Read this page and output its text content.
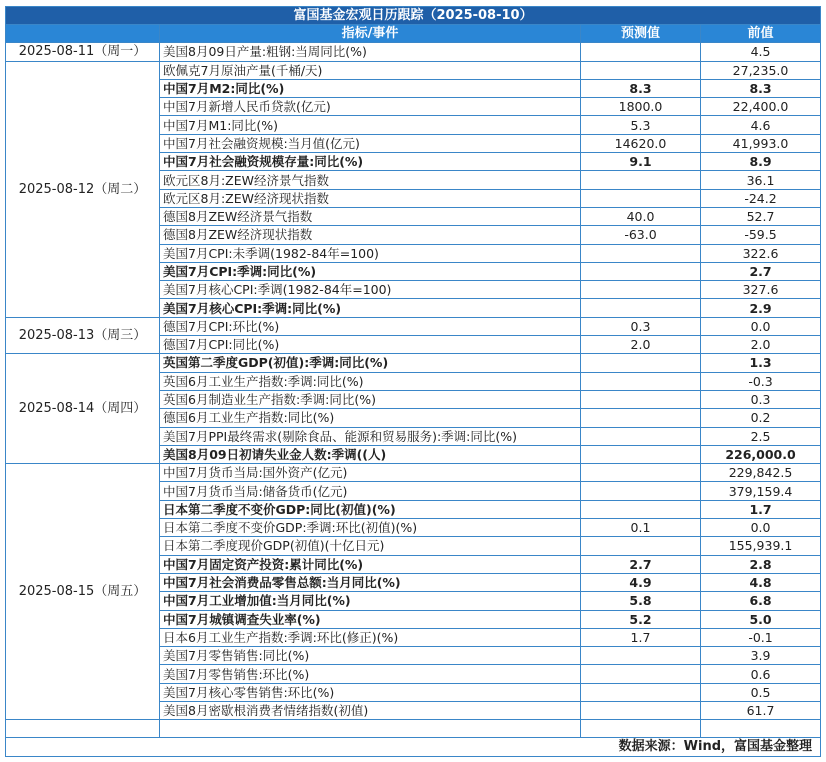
富国基金宏观日历跟踪（2025-08-10）			
	指标/事件	预测值	前值
2025-08-11（周一）	美国8月09日产量:粗钢:当周同比(%)		4.5
2025-08-12（周二）	欧佩克7月原油产量(千桶/天)		27,235.0
	中国7月M2:同比(%)	8.3	8.3
	中国7月新增人民币贷款(亿元)	1800.0	22,400.0
	中国7月M1:同比(%)	5.3	4.6
	中国7月社会融资规模:当月值(亿元)	14620.0	41,993.0
	中国7月社会融资规模存量:同比(%)	9.1	8.9
	欧元区8月:ZEW经济景气指数		36.1
	欧元区8月:ZEW经济现状指数		-24.2
	德国8月ZEW经济景气指数	40.0	52.7
	德国8月ZEW经济现状指数	-63.0	-59.5
	美国7月CPI:未季调(1982-84年=100)		322.6
	美国7月CPI:季调:同比(%)		2.7
	美国7月核心CPI:季调(1982-84年=100)		327.6
	美国7月核心CPI:季调:同比(%)		2.9
2025-08-13（周三）	德国7月CPI:环比(%)	0.3	0.0
	德国7月CPI:同比(%)	2.0	2.0
2025-08-14（周四）	英国第二季度GDP(初值):季调:同比(%)		1.3
	英国6月工业生产指数:季调:同比(%)		-0.3
	英国6月制造业生产指数:季调:同比(%)		0.3
	德国6月工业生产指数:同比(%)		0.2
	美国7月PPI最终需求(剔除食品、能源和贸易服务):季调:同比(%)		2.5
	美国8月09日初请失业金人数:季调((人)		226,000.0
2025-08-15（周五）	中国7月货币当局:国外资产(亿元)		229,842.5
	中国7月货币当局:储备货币(亿元)		379,159.4
	日本第二季度不变价GDP:同比(初值)(%)		1.7
	日本第二季度不变价GDP:季调:环比(初值)(%)	0.1	0.0
	日本第二季度现价GDP(初值)(十亿日元)		155,939.1
	中国7月固定资产投资:累计同比(%)	2.7	2.8
	中国7月社会消费品零售总额:当月同比(%)	4.9	4.8
	中国7月工业增加值:当月同比(%)	5.8	6.8
	中国7月城镇调查失业率(%)	5.2	5.0
	日本6月工业生产指数:季调:环比(修正)(%)	1.7	-0.1
	美国7月零售销售:同比(%)		3.9
	美国7月零售销售:环比(%)		0.6
	美国7月核心零售销售:环比(%)		0.5
	美国8月密歇根消费者情绪指数(初值)		61.7

数据来源：Wind，富国基金整理			
